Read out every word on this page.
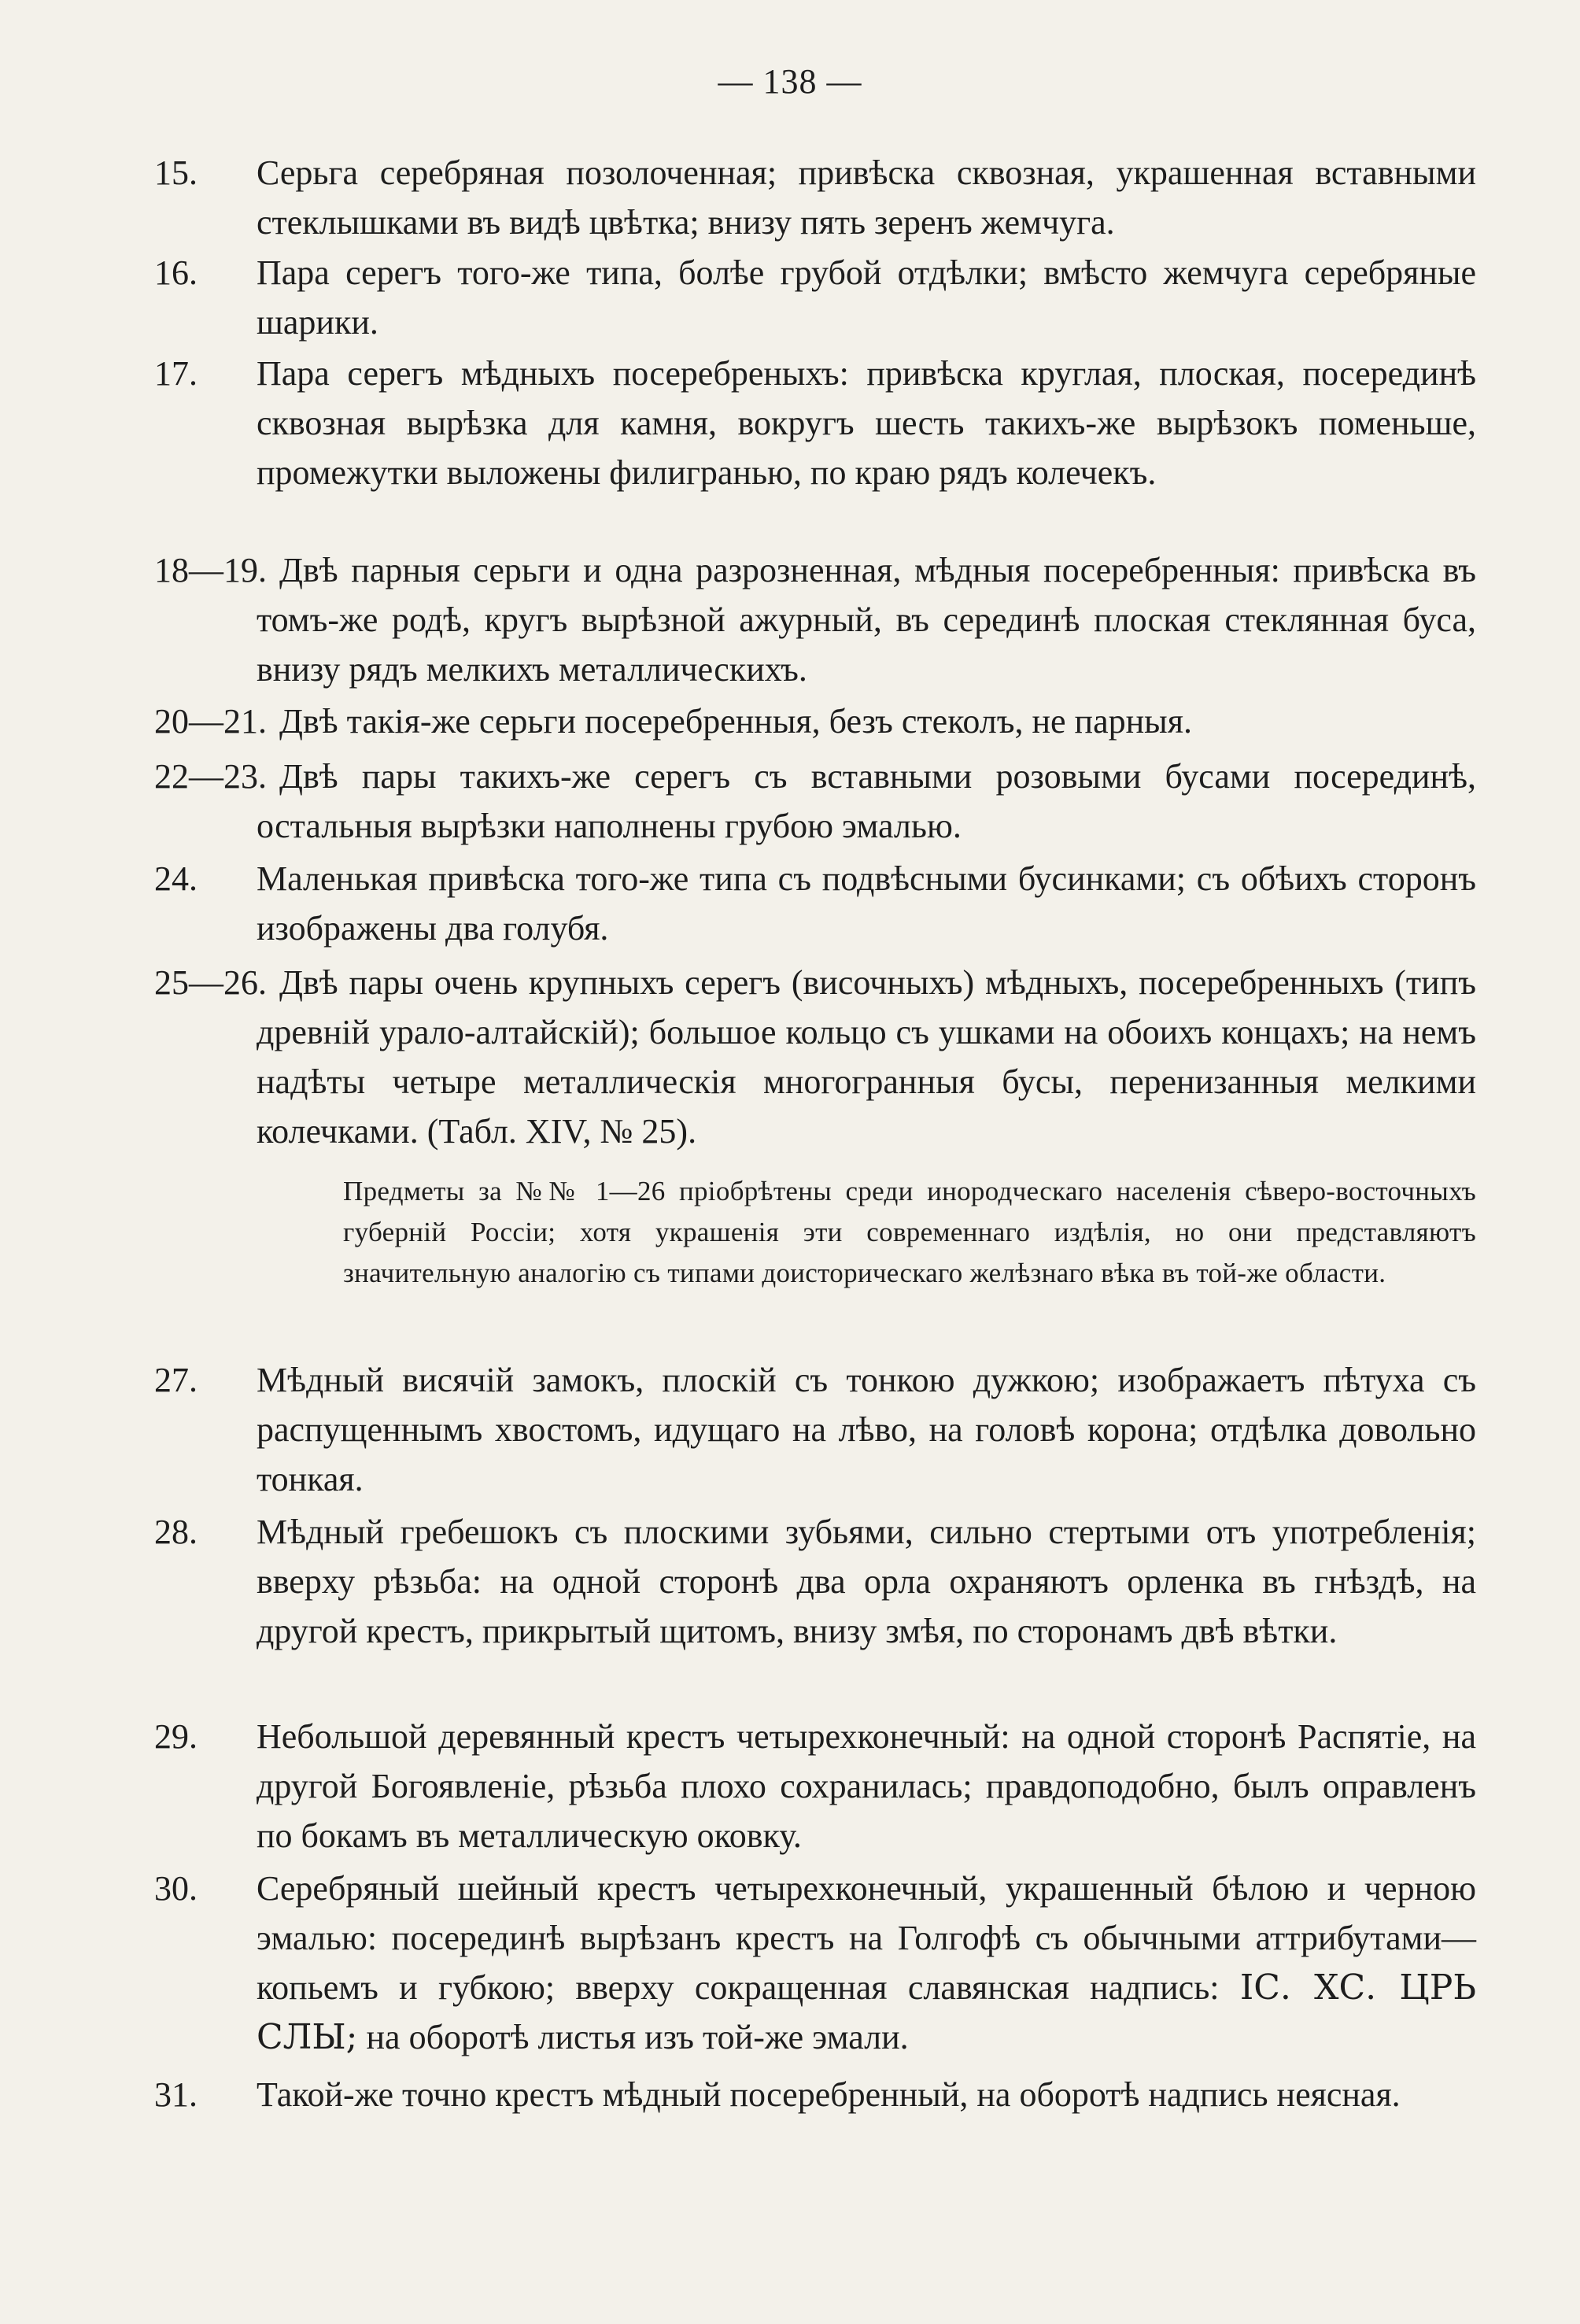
— 138 —
15. Серьга серебряная позолоченная; привѣска сквозная, украшенная вставными стеклышками въ видѣ цвѣтка; внизу пять зеренъ жемчуга.
16. Пара серегъ того-же типа, болѣе грубой отдѣлки; вмѣсто жемчуга серебряные шарики.
17. Пара серегъ мѣдныхъ посеребреныхъ: привѣска круглая, плоская, посерединѣ сквозная вырѣзка для камня, вокругъ шесть такихъ-же вырѣзокъ поменьше, промежутки выложены филигранью, по краю рядъ колечекъ.
18—19. Двѣ парныя серьги и одна разрозненная, мѣдныя посеребренныя: привѣска въ томъ-же родѣ, кругъ вырѣзной ажурный, въ серединѣ плоская стеклянная буса, внизу рядъ мелкихъ металлическихъ.
20—21. Двѣ такія-же серьги посеребренныя, безъ стеколъ, не парныя.
22—23. Двѣ пары такихъ-же серегъ съ вставными розовыми бусами посерединѣ, остальныя вырѣзки наполнены грубою эмалью.
24. Маленькая привѣска того-же типа съ подвѣсными бусинками; съ обѣихъ сторонъ изображены два голубя.
25—26. Двѣ пары очень крупныхъ серегъ (височныхъ) мѣдныхъ, посеребренныхъ (типъ древній урало-алтайскій); большое кольцо съ ушками на обоихъ концахъ; на немъ надѣты четыре металлическія многогранныя бусы, перенизанныя мелкими колечками. (Табл. XIV, № 25).
Предметы за №№ 1—26 пріобрѣтены среди инородческаго населенія сѣверо-восточныхъ губерній Россіи; хотя украшенія эти современнаго издѣлія, но они представляютъ значительную аналогію съ типами доисторическаго желѣзнаго вѣка въ той-же области.
27. Мѣдный висячій замокъ, плоскій съ тонкою дужкою; изображаетъ пѣтуха съ распущеннымъ хвостомъ, идущаго на лѣво, на головѣ корона; отдѣлка довольно тонкая.
28. Мѣдный гребешокъ съ плоскими зубьями, сильно стертыми отъ употребленія; вверху рѣзьба: на одной сторонѣ два орла охраняютъ орленка въ гнѣздѣ, на другой крестъ, прикрытый щитомъ, внизу змѣя, по сторонамъ двѣ вѣтки.
29. Небольшой деревянный крестъ четырехконечный: на одной сторонѣ Распятіе, на другой Богоявленіе, рѣзьба плохо сохранилась; правдоподобно, былъ оправленъ по бокамъ въ металлическую оковку.
30. Серебряный шейный крестъ четырехконечный, украшенный бѣлою и черною эмалью: посерединѣ вырѣзанъ крестъ на Голгофѣ съ обычными аттрибутами—копьемъ и губкою; вверху сокращенная славянская надпись: ІС. ХС. ЦРЬ СЛЫ; на оборотѣ листья изъ той-же эмали.
31. Такой-же точно крестъ мѣдный посеребренный, на оборотѣ надпись неясная.
